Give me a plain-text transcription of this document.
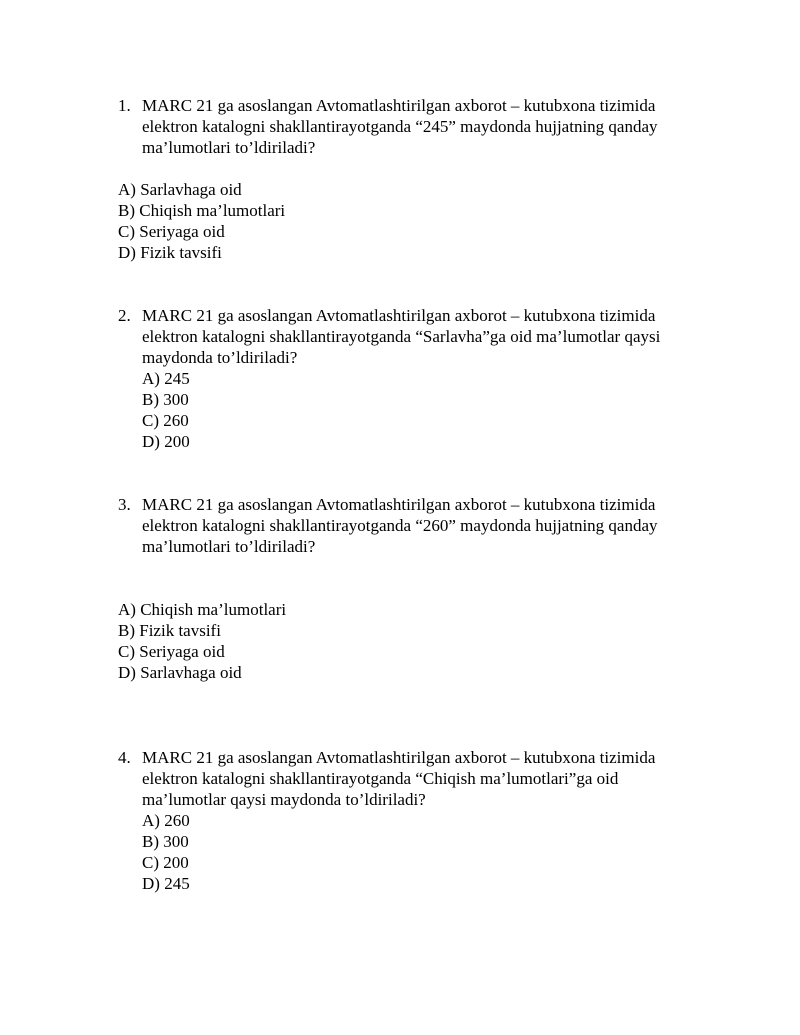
1. MARC 21 ga asoslangan Avtomatlashtirilgan axborot – kutubxona tizimida
elektron katalogni shakllantirayotganda “245” maydonda hujjatning qanday
ma’lumotlari to’ldiriladi?
A) Sarlavhaga oid
B) Chiqish ma’lumotlari
C) Seriyaga oid
D) Fizik tavsifi
2. MARC 21 ga asoslangan Avtomatlashtirilgan axborot – kutubxona tizimida
elektron katalogni shakllantirayotganda “Sarlavha”ga oid ma’lumotlar qaysi
maydonda to’ldiriladi?
A) 245
B) 300
C) 260
D) 200
3. MARC 21 ga asoslangan Avtomatlashtirilgan axborot – kutubxona tizimida
elektron katalogni shakllantirayotganda “260” maydonda hujjatning qanday
ma’lumotlari to’ldiriladi?
A) Chiqish ma’lumotlari
B) Fizik tavsifi
C) Seriyaga oid
D) Sarlavhaga oid
4. MARC 21 ga asoslangan Avtomatlashtirilgan axborot – kutubxona tizimida
elektron katalogni shakllantirayotganda “Chiqish ma’lumotlari”ga oid
ma’lumotlar qaysi maydonda to’ldiriladi?
A) 260
B) 300
C) 200
D) 245
